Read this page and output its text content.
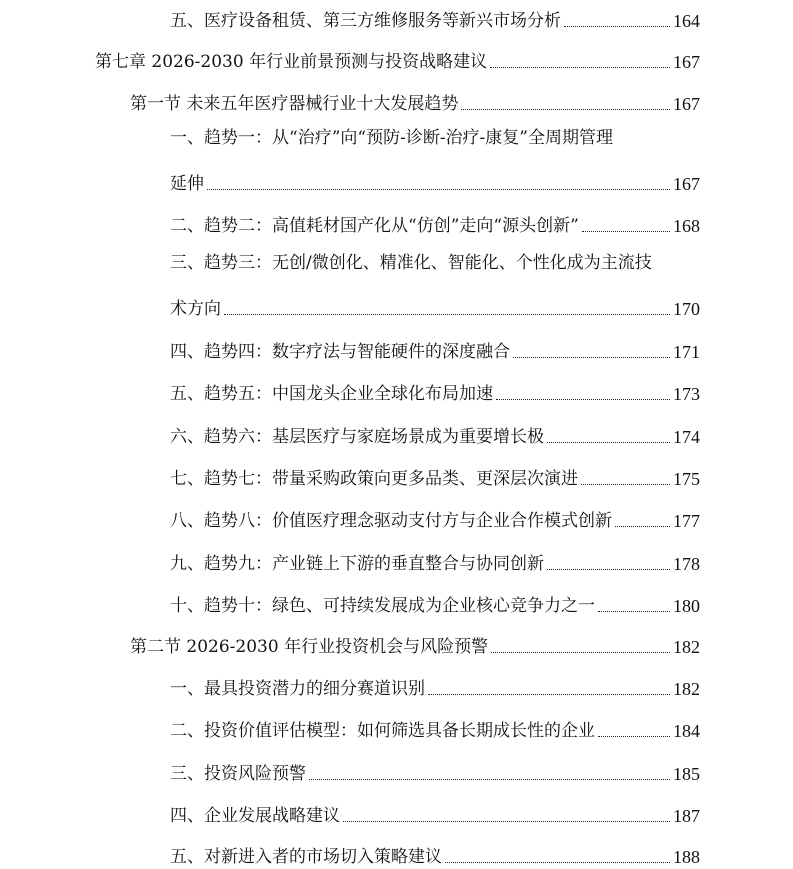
五、医疗设备租赁、第三方维修服务等新兴市场分析	164
第七章 2026-2030 年行业前景预测与投资战略建议	167
第一节 未来五年医疗器械行业十大发展趋势	167
一、趋势一：从“治疗”向“预防-诊断-治疗-康复”全周期管理
延伸	167
二、趋势二：高值耗材国产化从“仿创”走向“源头创新”	168
三、趋势三：无创/微创化、精准化、智能化、个性化成为主流技
术方向	170
四、趋势四：数字疗法与智能硬件的深度融合	171
五、趋势五：中国龙头企业全球化布局加速	173
六、趋势六：基层医疗与家庭场景成为重要增长极	174
七、趋势七：带量采购政策向更多品类、更深层次演进	175
八、趋势八：价值医疗理念驱动支付方与企业合作模式创新	177
九、趋势九：产业链上下游的垂直整合与协同创新	178
十、趋势十：绿色、可持续发展成为企业核心竞争力之一	180
第二节 2026-2030 年行业投资机会与风险预警	182
一、最具投资潜力的细分赛道识别	182
二、投资价值评估模型：如何筛选具备长期成长性的企业	184
三、投资风险预警	185
四、企业发展战略建议	187
五、对新进入者的市场切入策略建议	188
